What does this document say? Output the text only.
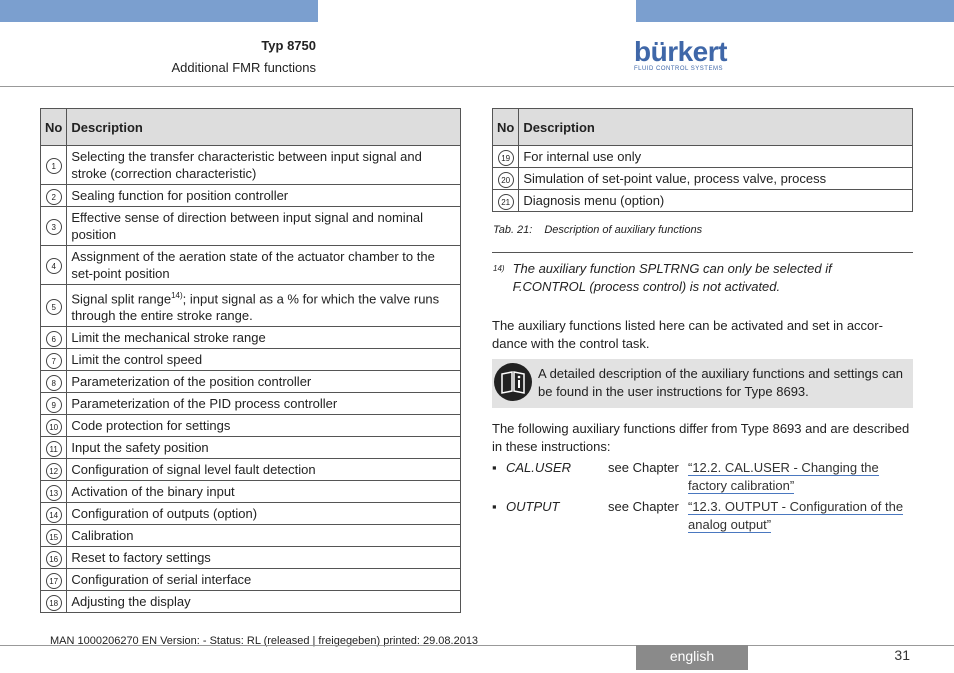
Typ 8750
Additional FMR functions
bürkert
FLUID CONTROL SYSTEMS
No	Description
1	Selecting the transfer characteristic between input signal and stroke (correction characteristic)
2	Sealing function for position controller
3	Effective sense of direction between input signal and nominal position
4	Assignment of the aeration state of the actuator chamber to the set-point position
5	Signal split range$^{14)}$; input signal as a % for which the valve runs through the entire stroke range.
6	Limit the mechanical stroke range
7	Limit the control speed
8	Parameterization of the position controller
9	Parameterization of the PID process controller
10	Code protection for settings
11	Input the safety position
12	Configuration of signal level fault detection
13	Activation of the binary input
14	Configuration of outputs (option)
15	Calibration
16	Reset to factory settings
17	Configuration of serial interface
18	Adjusting the display
No	Description
19	For internal use only
20	Simulation of set-point value, process valve, process
21	Diagnosis menu (option)
Tab. 21: Description of auxiliary functions
$^{14)}$ The auxiliary function SPLTRNG can only be selected if F.CONTROL (process control) is not activated.
The auxiliary functions listed here can be activated and set in accor-dance with the control task.
A detailed description of the auxiliary functions and settings can be found in the user instructions for Type 8693.
The following auxiliary functions differ from Type 8693 and are described in these instructions:
▪ CAL.USER	see Chapter “12.2. CAL.USER - Changing the factory calibration”
▪ OUTPUT	see Chapter “12.3. OUTPUT - Configuration of the analog output”
MAN 1000206270 EN Version: - Status: RL (released | freigegeben) printed: 29.08.2013
english	31
